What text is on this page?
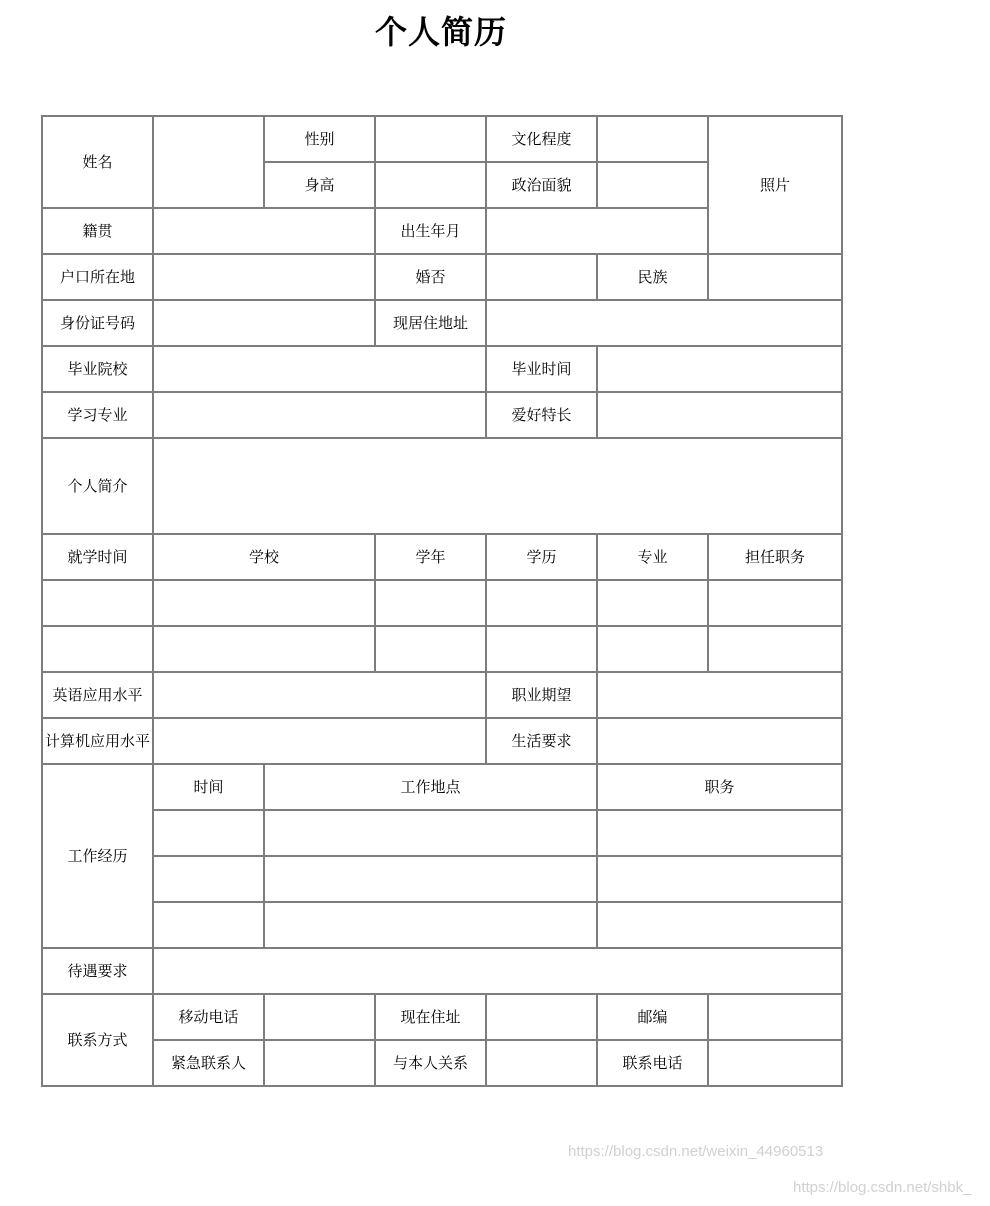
个人简历
姓名		性别		文化程度		照片
		身高		政治面貌		
籍贯			出生年月			
户口所在地			婚否		民族	
身份证号码			现居住地址			
毕业院校				毕业时间		
学习专业				爱好特长		
个人简介						
就学时间	学校		学年	学历	专业	担任职务

英语应用水平				职业期望		
计算机应用水平				生活要求		
工作经历	时间	工作地点			职务	

待遇要求						
联系方式	移动电话		现在住址		邮编	
	紧急联系人		与本人关系		联系电话	
https://blog.csdn.net/weixin_44960513
https://blog.csdn.net/shbk_
